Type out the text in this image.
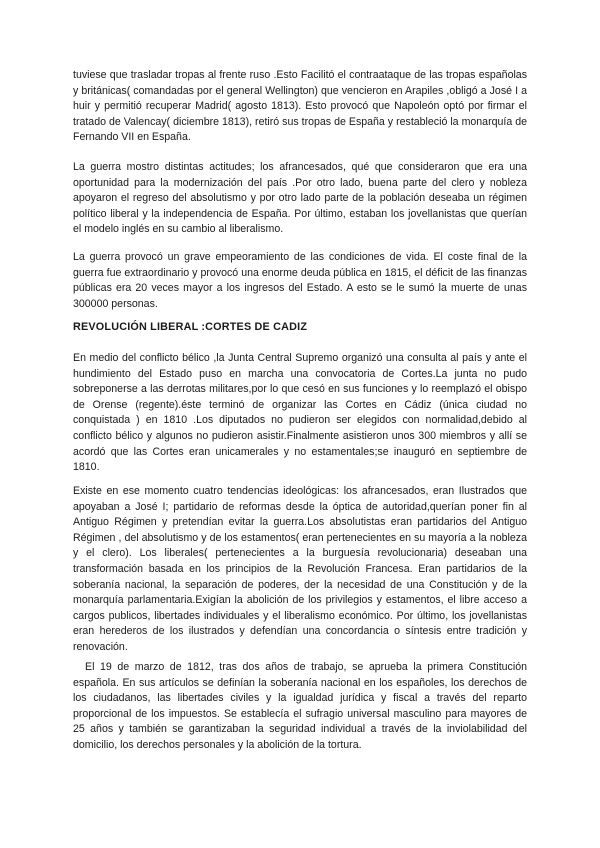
tuviese que trasladar tropas al frente ruso .Esto Facilitó el contraataque de las tropas españolas y británicas( comandadas por el general Wellington) que vencieron en Arapiles ,obligó a José I a huir y permitió recuperar Madrid( agosto 1813). Esto provocó que Napoleón optó por firmar el tratado de Valencay( diciembre 1813), retiró sus tropas de España y restableció la monarquía de Fernando VII en España.

La guerra mostro distintas actitudes; los afrancesados, qué que consideraron que era una oportunidad para la modernización del país .Por otro lado, buena parte del clero y nobleza apoyaron el regreso del absolutismo y por otro lado parte de la población deseaba un régimen político liberal y la independencia de España. Por último, estaban los jovellanistas que querían el modelo inglés en su cambio al liberalismo.

La guerra provocó un grave empeoramiento de las condiciones de vida. El coste final de la guerra fue extraordinario y provocó una enorme deuda pública en 1815, el déficit de las finanzas públicas era 20 veces mayor a los ingresos del Estado. A esto se le sumó la muerte de unas 300000 personas.

REVOLUCIÓN LIBERAL :CORTES DE CADIZ

En medio del conflicto bélico ,la Junta Central Supremo organizó una consulta al país y ante el hundimiento del Estado puso en marcha una convocatoria de Cortes.La junta no pudo sobreponerse a las derrotas militares,por lo que cesó en sus funciones y lo reemplazó el obispo de Orense (regente).éste terminó de organizar las Cortes en Cádiz (única ciudad no conquistada ) en 1810 .Los diputados no pudieron ser elegidos con normalidad,debido al conflicto bélico y algunos no pudieron asistir.Finalmente asistieron unos 300 miembros y allí se acordó que las Cortes eran unicamerales y no estamentales;se inauguró en septiembre de 1810.

Existe en ese momento cuatro tendencias ideológicas: los afrancesados, eran Ilustrados que apoyaban a José I; partidario de reformas desde la óptica de autoridad,querían poner fin al Antiguo Régimen y pretendían evitar la guerra.Los absolutistas eran partidarios del Antiguo Régimen , del absolutismo y de los estamentos( eran pertenecientes en su mayoría a la nobleza y el clero). Los liberales( pertenecientes a la burguesía revolucionaria) deseaban una transformación basada en los principios de la Revolución Francesa. Eran partidarios de la soberanía nacional, la separación de poderes, der la necesidad de una Constitución y de la monarquía parlamentaria.Exigían la abolición de los privilegios y estamentos, el libre acceso a cargos publicos, libertades individuales y el liberalismo económico. Por último, los jovellanistas eran herederos de los ilustrados y defendían una concordancia o síntesis entre tradición y renovación.

El 19 de marzo de 1812, tras dos años de trabajo, se aprueba la primera Constitución española. En sus artículos se definían la soberanía nacional en los españoles, los derechos de los ciudadanos, las libertades civiles y la igualdad jurídica y fiscal a través del reparto proporcional de los impuestos. Se establecía el sufragio universal masculino para mayores de 25 años y también se garantizaban la seguridad individual a través de la inviolabilidad del domicilio, los derechos personales y la abolición de la tortura.
